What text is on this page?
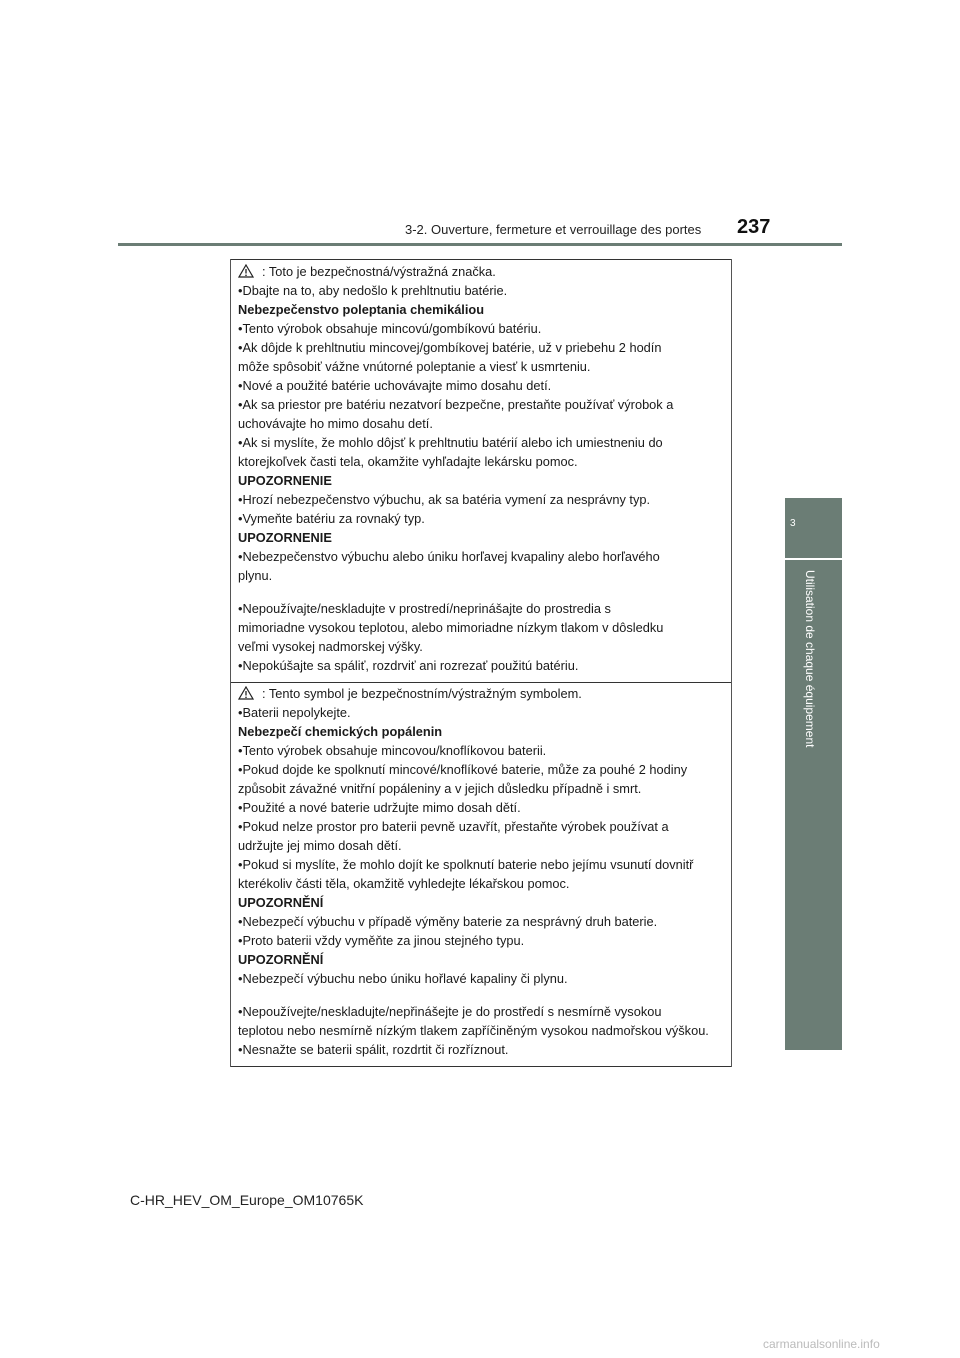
3-2. Ouverture, fermeture et verrouillage des portes 237
3
Utilisation de chaque équipement
: Toto je bezpečnostná/výstražná značka.
•Dbajte na to, aby nedošlo k prehltnutiu batérie.
Nebezpečenstvo poleptania chemikáliou
•Tento výrobok obsahuje mincovú/gombíkovú batériu.
•Ak dôjde k prehltnutiu mincovej/gombíkovej batérie, už v priebehu 2 hodín
môže spôsobiť vážne vnútorné poleptanie a viesť k usmrteniu.
•Nové a použité batérie uchovávajte mimo dosahu detí.
•Ak sa priestor pre batériu nezatvorí bezpečne, prestaňte používať výrobok a
uchovávajte ho mimo dosahu detí.
•Ak si myslíte, že mohlo dôjsť k prehltnutiu batérií alebo ich umiestneniu do
ktorejkoľvek časti tela, okamžite vyhľadajte lekársku pomoc.
UPOZORNENIE
•Hrozí nebezpečenstvo výbuchu, ak sa batéria vymení za nesprávny typ.
•Vymeňte batériu za rovnaký typ.
UPOZORNENIE
•Nebezpečenstvo výbuchu alebo úniku horľavej kvapaliny alebo horľavého
plynu.
•Nepoužívajte/neskladujte v prostredí/neprinášajte do prostredia s
mimoriadne vysokou teplotou, alebo mimoriadne nízkym tlakom v dôsledku
veľmi vysokej nadmorskej výšky.
•Nepokúšajte sa spáliť, rozdrviť ani rozrezať použitú batériu.
: Tento symbol je bezpečnostním/výstražným symbolem.
•Baterii nepolykejte.
Nebezpečí chemických popálenin
•Tento výrobek obsahuje mincovou/knoflíkovou baterii.
•Pokud dojde ke spolknutí mincové/knoflíkové baterie, může za pouhé 2 hodiny
způsobit závažné vnitřní popáleniny a v jejich důsledku případně i smrt.
•Použité a nové baterie udržujte mimo dosah dětí.
•Pokud nelze prostor pro baterii pevně uzavřít, přestaňte výrobek používat a
udržujte jej mimo dosah dětí.
•Pokud si myslíte, že mohlo dojít ke spolknutí baterie nebo jejímu vsunutí dovnitř
kterékoliv části těla, okamžitě vyhledejte lékařskou pomoc.
UPOZORNĚNÍ
•Nebezpečí výbuchu v případě výměny baterie za nesprávný druh baterie.
•Proto baterii vždy vyměňte za jinou stejného typu.
UPOZORNĚNÍ
•Nebezpečí výbuchu nebo úniku hořlavé kapaliny či plynu.
•Nepoužívejte/neskladujte/nepřinášejte je do prostředí s nesmírně vysokou
teplotou nebo nesmírně nízkým tlakem zapříčiněným vysokou nadmořskou výškou.
•Nesnažte se baterii spálit, rozdrtit či rozříznout.
C-HR_HEV_OM_Europe_OM10765K
carmanualsonline.info
